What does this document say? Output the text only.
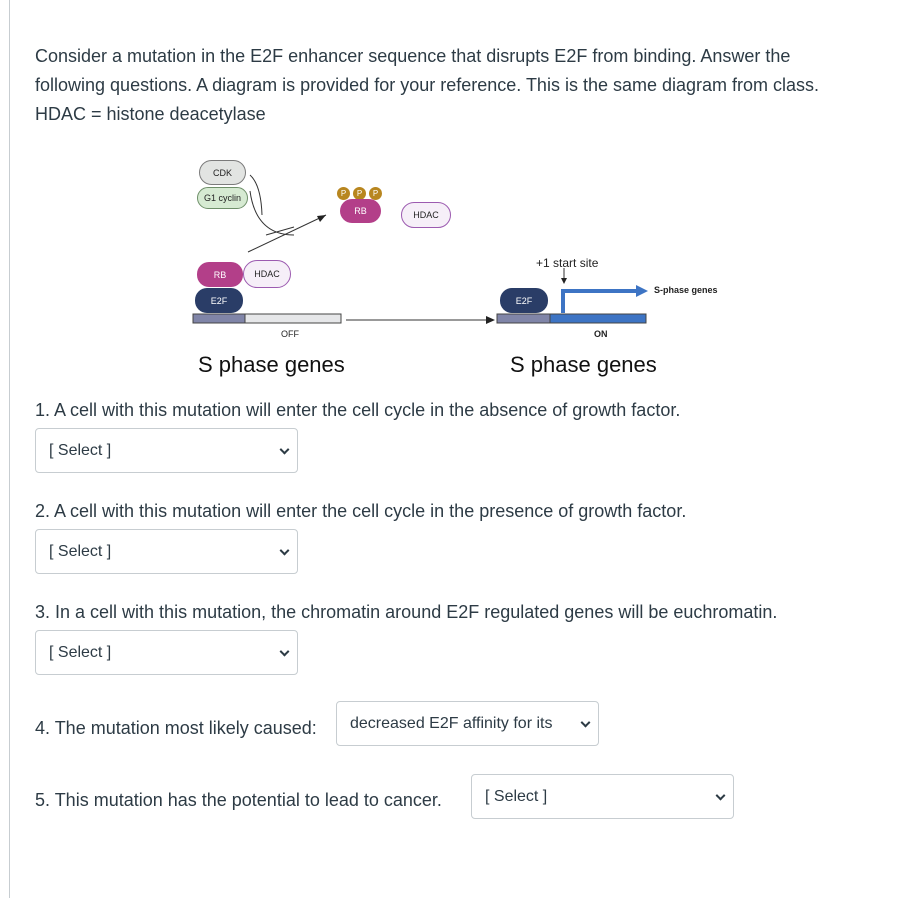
Consider a mutation in the E2F enhancer sequence that disrupts E2F from binding. Answer the

following questions. A diagram is provided for your reference. This is the same diagram from class.

HDAC = histone deacetylase

CDK
G1 cyclin	P	P	P
RB	HDAC
RB	HDAC
E2F	E2F
OFF	ON
+1 start site
S-phase genes
S phase genes	S phase genes
1. A cell with this mutation will enter the cell cycle in the absence of growth factor.
[ Select ]
2. A cell with this mutation will enter the cell cycle in the presence of growth factor.
[ Select ]
3. In a cell with this mutation, the chromatin around E2F regulated genes will be euchromatin.
[ Select ]
4. The mutation most likely caused: decreased E2F affinity for its
5. This mutation has the potential to lead to cancer.	[ Select ]
